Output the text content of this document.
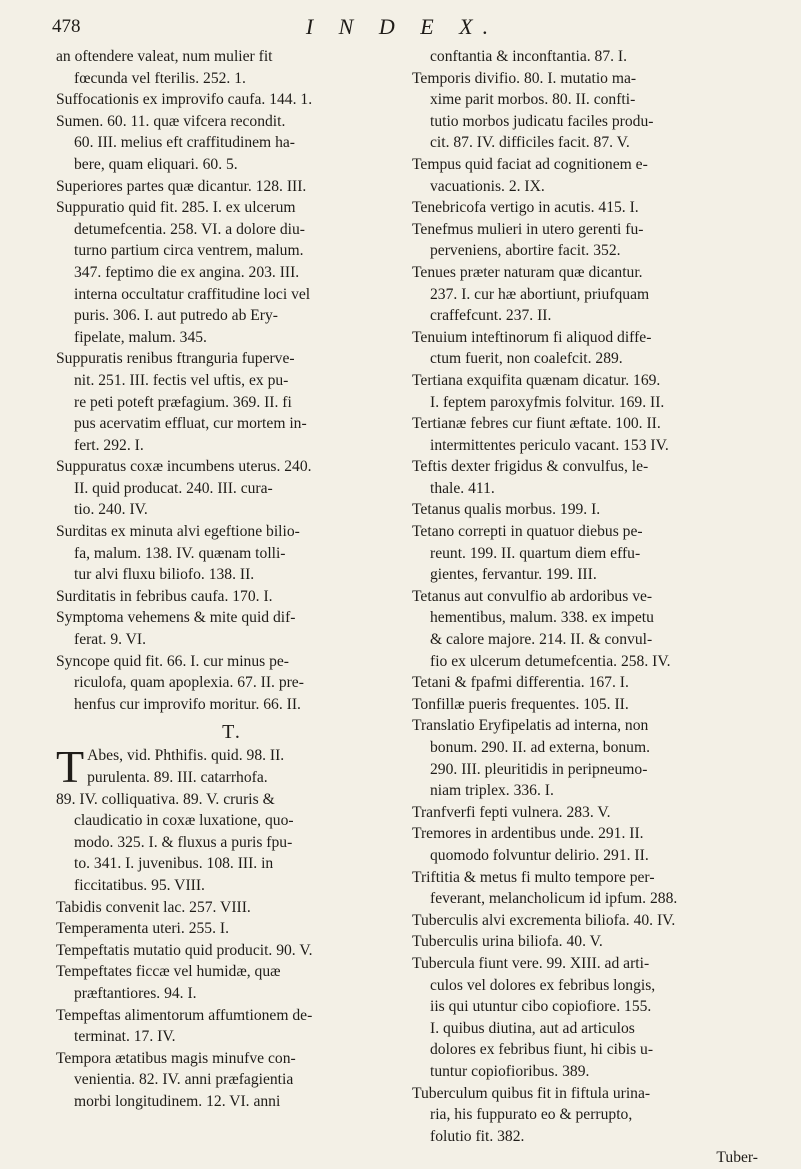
478	I N D E X.
an oftendere valeat, num mulier fit
fœcunda vel fterilis. 252. 1.
Suffocationis ex improvifo caufa. 144. 1.
Sumen. 60. 11. quæ vifcera recondit.
60. III. melius eft craffitudinem ha-
bere, quam eliquari. 60. 5.
Superiores partes quæ dicantur. 128. III.
Suppuratio quid fit. 285. I. ex ulcerum
detumefcentia. 258. VI. a dolore diu-
turno partium circa ventrem, malum.
347. feptimo die ex angina. 203. III.
interna occultatur craffitudine loci vel
puris. 306. I. aut putredo ab Ery-
fipelate, malum. 345.
Suppuratis renibus ftranguria fuperve-
nit. 251. III. fectis vel uftis, ex pu-
re peti poteft præfagium. 369. II. fi
pus acervatim effluat, cur mortem in-
fert. 292. I.
Suppuratus coxæ incumbens uterus. 240.
II. quid producat. 240. III. cura-
tio. 240. IV.
Surditas ex minuta alvi egeftione bilio-
fa, malum. 138. IV. quænam tolli-
tur alvi fluxu biliofo. 138. II.
Surditatis in febribus caufa. 170. I.
Symptoma vehemens & mite quid dif-
ferat. 9. VI.
Syncope quid fit. 66. I. cur minus pe-
riculofa, quam apoplexia. 67. II. pre-
henfus cur improvifo moritur. 66. II.
T.
T Abes, vid. Phthifis. quid. 98. II.
purulenta. 89. III. catarrhofa.
89. IV. colliquativa. 89. V. cruris &
claudicatio in coxæ luxatione, quo-
modo. 325. I. & fluxus a puris fpu-
to. 341. I. juvenibus. 108. III. in
ficcitatibus. 95. VIII.
Tabidis convenit lac. 257. VIII.
Temperamenta uteri. 255. I.
Tempeftatis mutatio quid producit. 90. V.
Tempeftates ficcæ vel humidæ, quæ
præftantiores. 94. I.
Tempeftas alimentorum affumtionem de-
terminat. 17. IV.
Tempora ætatibus magis minufve con-
venientia. 82. IV. anni præfagientia
morbi longitudinem. 12. VI. anni
conftantia & inconftantia. 87. I.
Temporis divifio. 80. I. mutatio ma-
xime parit morbos. 80. II. confti-
tutio morbos judicatu faciles produ-
cit. 87. IV. difficiles facit. 87. V.
Tempus quid faciat ad cognitionem e-
vacuationis. 2. IX.
Tenebricofa vertigo in acutis. 415. I.
Tenefmus mulieri in utero gerenti fu-
perveniens, abortire facit. 352.
Tenues præter naturam quæ dicantur.
237. I. cur hæ abortiunt, priufquam
craffefcunt. 237. II.
Tenuium inteftinorum fi aliquod diffe-
ctum fuerit, non coalefcit. 289.
Tertiana exquifita quænam dicatur. 169.
I. feptem paroxyfmis folvitur. 169. II.
Tertianæ febres cur fiunt æftate. 100. II.
intermittentes periculo vacant. 153 IV.
Teftis dexter frigidus & convulfus, le-
thale. 411.
Tetanus qualis morbus. 199. I.
Tetano correpti in quatuor diebus pe-
reunt. 199. II. quartum diem effu-
gientes, fervantur. 199. III.
Tetanus aut convulfio ab ardoribus ve-
hementibus, malum. 338. ex impetu
& calore majore. 214. II. & convul-
fio ex ulcerum detumefcentia. 258. IV.
Tetani & fpafmi differentia. 167. I.
Tonfillæ pueris frequentes. 105. II.
Translatio Eryfipelatis ad interna, non
bonum. 290. II. ad externa, bonum.
290. III. pleuritidis in peripneumo-
niam triplex. 336. I.
Tranfverfi fepti vulnera. 283. V.
Tremores in ardentibus unde. 291. II.
quomodo folvuntur delirio. 291. II.
Triftitia & metus fi multo tempore per-
feverant, melancholicum id ipfum. 288.
Tuberculis alvi excrementa biliofa. 40. IV.
Tuberculis urina biliofa. 40. V.
Tubercula fiunt vere. 99. XIII. ad arti-
culos vel dolores ex febribus longis,
iis qui utuntur cibo copiofiore. 155.
I. quibus diutina, aut ad articulos
dolores ex febribus fiunt, hi cibis u-
tuntur copiofioribus. 389.
Tuberculum quibus fit in fiftula urina-
ria, his fuppurato eo & perrupto,
folutio fit. 382.
Tuber-
